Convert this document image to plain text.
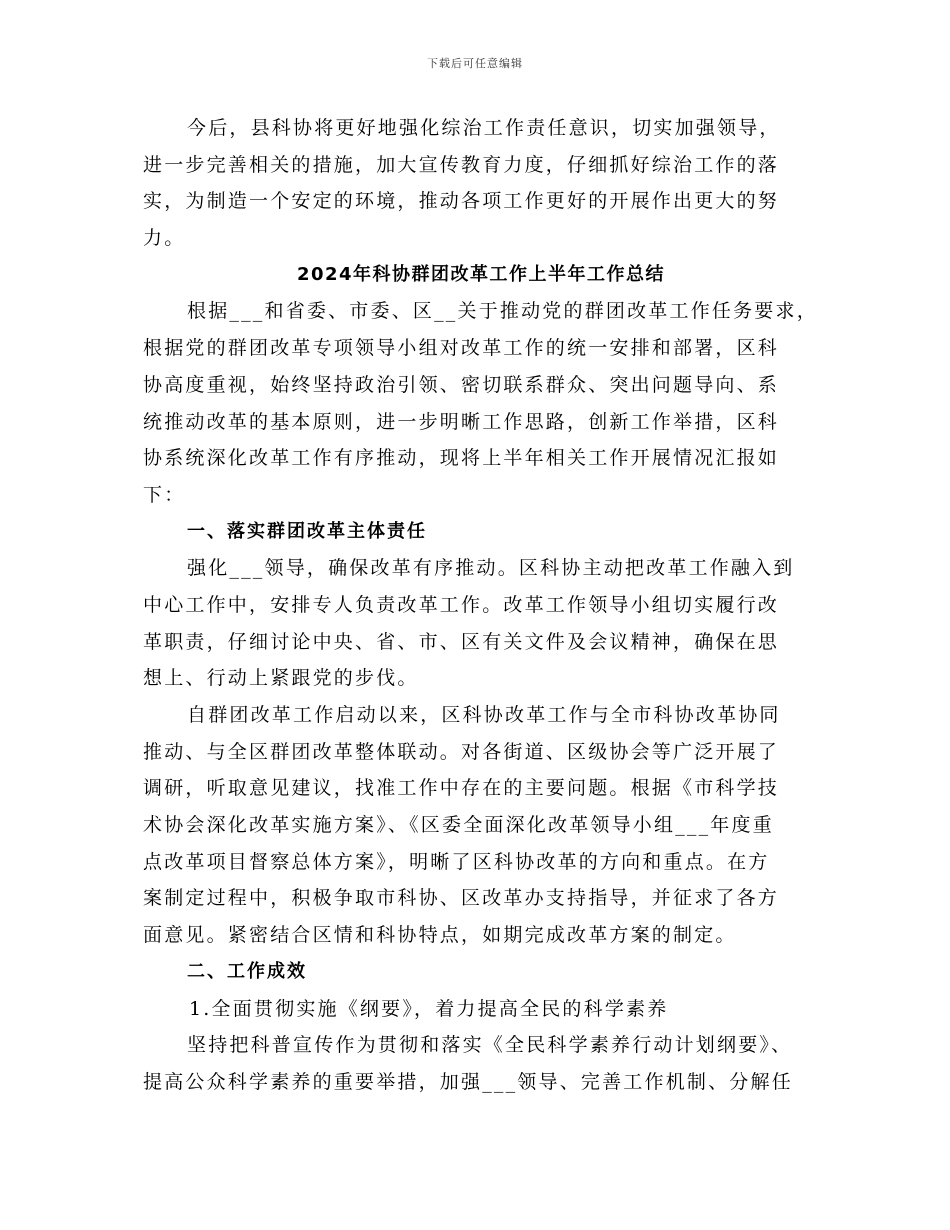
下载后可任意编辑
今后，县科协将更好地强化综治工作责任意识，切实加强领导，
进一步完善相关的措施，加大宣传教育力度，仔细抓好综治工作的落
实，为制造一个安定的环境，推动各项工作更好的开展作出更大的努
力。
2024年科协群团改革工作上半年工作总结
根据___和省委、市委、区__关于推动党的群团改革工作任务要求，
根据党的群团改革专项领导小组对改革工作的统一安排和部署，区科
协高度重视，始终坚持政治引领、密切联系群众、突出问题导向、系
统推动改革的基本原则，进一步明晰工作思路，创新工作举措，区科
协系统深化改革工作有序推动，现将上半年相关工作开展情况汇报如
下：
一、落实群团改革主体责任
强化___领导，确保改革有序推动。区科协主动把改革工作融入到
中心工作中，安排专人负责改革工作。改革工作领导小组切实履行改
革职责，仔细讨论中央、省、市、区有关文件及会议精神，确保在思
想上、行动上紧跟党的步伐。
自群团改革工作启动以来，区科协改革工作与全市科协改革协同
推动、与全区群团改革整体联动。对各街道、区级协会等广泛开展了
调研，听取意见建议，找准工作中存在的主要问题。根据《市科学技
术协会深化改革实施方案》、《区委全面深化改革领导小组___年度重
点改革项目督察总体方案》，明晰了区科协改革的方向和重点。在方
案制定过程中，积极争取市科协、区改革办支持指导，并征求了各方
面意见。紧密结合区情和科协特点，如期完成改革方案的制定。
二、工作成效
1.全面贯彻实施《纲要》，着力提高全民的科学素养
坚持把科普宣传作为贯彻和落实《全民科学素养行动计划纲要》、
提高公众科学素养的重要举措，加强___领导、完善工作机制、分解任
